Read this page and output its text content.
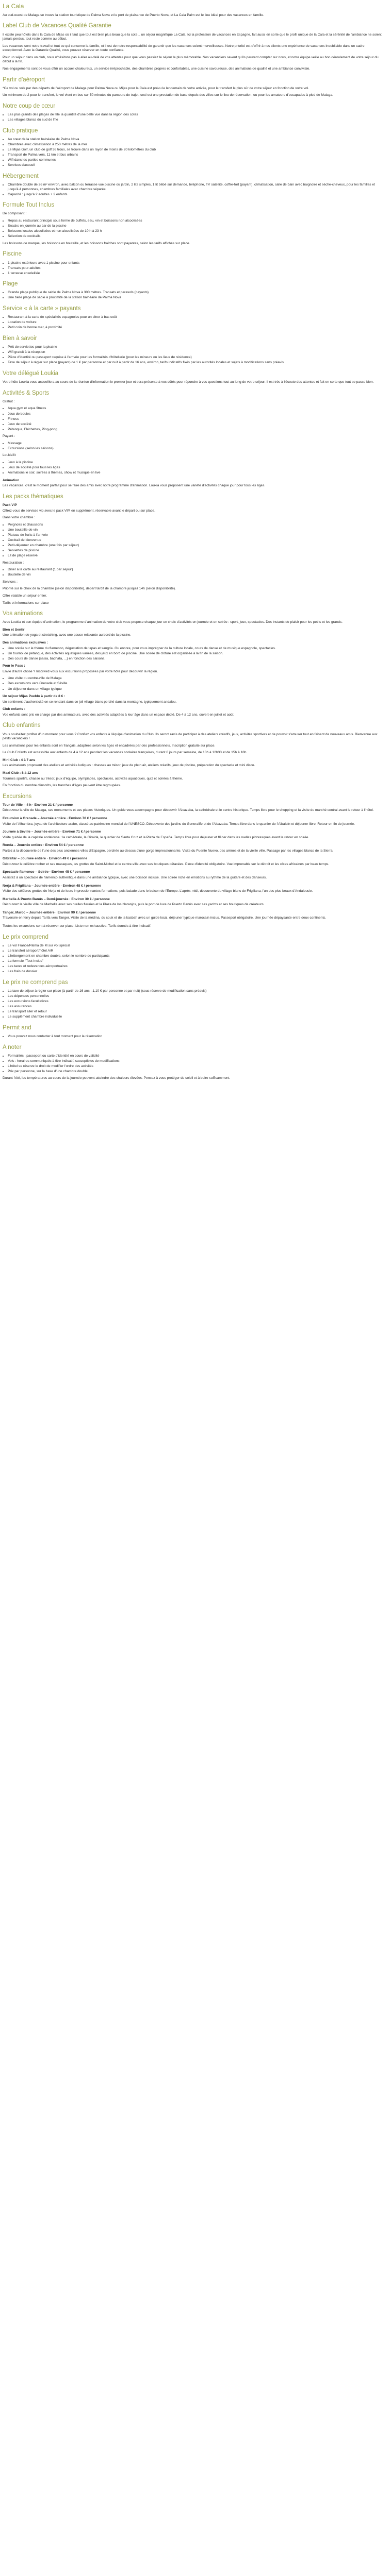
La Cala

Au sud-ouest de Malaga se trouve la station touristique de Palma Nova et le port de plaisance de Puerto Nova, et La Cala Palm est le lieu idéal pour des vacances en famille.

Label Club de Vacances Qualité Garantie

Il existe peu hôtels dans la Cala de Mijas où il faut que tout est bien plus beau que la cote... un séjour magnifique La Cala, Ici la profession de vacances en Espagne, fait aussi en sorte que le profil unique de la Cala et la sérénité de l'ambiance ne soient jamais perdus, tout reste comme au début.

Les vacances sont notre travail et tout ce qui concerne la famille, et il est de notre responsabilité de garantir que les vacances soient merveilleuses. Notre priorité est d'offrir à nos clients une expérience de vacances inoubliable dans un cadre exceptionnel. Avec la Garantie Qualité, vous pouvez réserver en toute confiance.

Pour un séjour dans un club, nous n'hésitons pas à aller au-delà de vos attentes pour que vous passiez le séjour le plus mémorable. Nos vacanciers savent qu'ils peuvent compter sur nous, et notre équipe veille au bon déroulement de votre séjour du début à la fin.

Nos engagements sont de vous offrir un accueil chaleureux, un service irréprochable, des chambres propres et confortables, une cuisine savoureuse, des animations de qualité et une ambiance conviviale.

Partir d'aéroport

*Ce vol ou vols par des départs de l'aéroport de Malaga pour Palma Nova ou Mijas pour la Cala est prévu le lendemain de votre arrivée, pour le transfert le plus sûr de votre séjour en fonction de votre vol.

Un minimum de 2 pour le transfert, le vol vient en bus sur 50 minutes du parcours de trajet, ceci est une prestation de base depuis des villes sur le lieu de réservation, ou pour les amateurs d'escapades à pied de Malaga.

Notre coup de cœur
• Les plus grands des plages de l'île la quantité d'une belle vue dans la région des cotes
• Les villages blancs du sud de l'île
Club pratique
• Au cœur de la station balnéaire de Palma Nova
• Chambres avec climatisation à 250 mètres de la mer
• Le Mijas Golf, un club de golf 36 trous, se trouve dans un rayon de moins de 20 kilomètres du club
• Transport de Palma vers, 11 km et bus urbains
• Wifi dans les parties communes
• Services d'accueil
Hébergement
• Chambre double de 26 m² environ, avec balcon ou terrasse vue piscine ou jardin, 2 lits simples, 1 lit bébé sur demande, téléphone, TV satellite, coffre-fort (payant), climatisation, salle de bain avec baignoire et sèche-cheveux, pour les familles et jusqu'à 4 personnes, chambres familiales avec chambre séparée.
• Capacité : jusqu'à 2 adultes + 2 enfants.
Formule Tout Inclus

De composant :

• Repas au restaurant principal sous forme de buffets, eau, vin et boissons non alcoolisées
• Snacks en journée au bar de la piscine
• Boissons locales alcoolisées et non alcoolisées de 10 h à 23 h
• Sélection de cocktails

Les boissons de marque, les boissons en bouteille, et les boissons fraîches sont payantes, selon les tarifs affichés sur place.

Piscine
• 1 piscine extérieure avec 1 piscine pour enfants
• Transats pour adultes
• 1 terrasse ensoleillée
Plage
• Grande plage publique de sable de Palma Nova à 300 mètres. Transats et parasols (payants)
• Une belle plage de sable à proximité de la station balnéaire de Palma Nova
Service « à la carte » payants
• Restaurant à la carte de spécialités espagnoles pour un diner à bas coût
• Location de voiture
• Petit coin de bonne mer, à proximité
Bien à savoir
• Prêt de serviettes pour la piscine
• Wifi gratuit à la réception
• Pièce d'identité ou passeport requise à l'arrivée pour les formalités d'hôtellerie (pour les mineurs ou les lieux de résidence)
• Taxe de séjour à régler sur place (payant) de 1 € par personne et par nuit à partir de 16 ans, environ, tarifs indicatifs fixés par les autorités locales et sujets à modifications sans préavis
Votre délégué Loukia

Votre hôte Loukia vous accueillera au cours de la réunion d'information le premier jour et sera présente à vos côtés pour répondre à vos questions tout au long de votre séjour. Il est très à l'écoute des attentes et fait en sorte que tout se passe bien.

Activités & Sports

Gratuit :

• Aqua gym et aqua fitness
• Jeux de boules
• Fitness
• Jeux de société
• Pétanque, Fléchettes, Ping-pong

Payant :

• Massage
• Excursions (selon les saisons)

Loukia'lit

• Jeux à la piscine
• Jeux de société pour tous les âges
• Animations le soir, soirées à thèmes, show et musique en live

Animation

Les vacances, c'est le moment parfait pour se faire des amis avec notre programme d'animation. Loukia vous proposent une variété d'activités chaque jour pour tous les âges.

Les packs thématiques

Pack VIP

Offrez-vous de services vip avec le pack VIP, en supplément, réservable avant le départ ou sur place.

Dans votre chambre :

• Peignoirs et chaussons
• Une bouteille de vin
• Plateau de fruits à l'arrivée
• Cocktail de bienvenue
• Petit-déjeuner en chambre (une fois par séjour)
• Serviettes de piscine
• Lit de plage réservé

Restauration :

• Diner à la carte au restaurant (1 par séjour)
• Bouteille de vin

Services :

Priorité sur le choix de la chambre (selon disponibilité), départ tardif de la chambre jusqu'à 14h (selon disponibilité).

Offre valable un séjour entier.

Tarifs et informations sur place

Vos animations

Avec Loukia et son équipe d'animation, le programme d'animation de votre club vous propose chaque jour un choix d'activités en journée et en soirée : sport, jeux, spectacles. Des instants de plaisir pour les petits et les grands.

Bien et Sentir

Une animation de yoga et stretching, avec une pause relaxante au bord de la piscine.

Des animations exclusives :

• Une soirée sur le thème du flamenco, dégustation de tapas et sangria. Ou encore, pour vous imprégner de la culture locale, cours de danse et de musique espagnole, spectacles.
• Un tournoi de pétanque, des activités aquatiques variées, des jeux en bord de piscine. Une soirée de clôture est organisée à la fin de la saison.
• Des cours de danse (salsa, bachata, ...) en fonction des saisons.

Pour le Pass :

Envie d'autre chose ? Inscrivez-vous aux excursions proposées par votre hôte pour découvrir la région.

• Une visite du centre-ville de Malaga
• Des excursions vers Grenade et Séville
• Un déjeuner dans un village typique

Un séjour Mijas Pueblo à partir de 8 € :

Un sentiment d'authenticité en se rendant dans ce joli village blanc perché dans la montagne, typiquement andalou.

Club enfants :

Vos enfants sont pris en charge par des animateurs, avec des activités adaptées à leur âge dans un espace dédié. De 4 à 12 ans, ouvert en juillet et août.

Club enfantins

Vous souhaitez profiter d'un moment pour vous ? Confiez vos enfants à l'équipe d'animation du Club. Ils seront ravis de participer à des ateliers créatifs, jeux, activités sportives et de pouvoir s'amuser tout en faisant de nouveaux amis. Bienvenue aux petits vacanciers !

Les animations pour les enfants sont en français, adaptées selon les âges et encadrées par des professionnels. Inscription gratuite sur place.

Le Club Enfants est accessible aux enfants de 4 à 12 ans pendant les vacances scolaires françaises, durant 6 jours par semaine, de 10h à 12h30 et de 15h à 18h.

Mini Club : 4 à 7 ans

Les animateurs proposent des ateliers et activités ludiques : chasses au trésor, jeux de plein air, ateliers créatifs, jeux de piscine, préparation du spectacle et mini disco.

Maxi Club : 8 à 12 ans

Tournois sportifs, chasse au trésor, jeux d'équipe, olympiades, spectacles, activités aquatiques, quiz et soirées à thème.

En fonction du nombre d'inscrits, les tranches d'âges peuvent être regroupées.

Excursions

Tour de Ville – 4 h · Environ 21 € / personne

Découvrez la ville de Malaga, ses monuments et ses places historiques. Un guide vous accompagne pour découvrir l'Alcazaba, la cathédrale et le centre historique. Temps libre pour le shopping et la visite du marché central avant le retour à l'hôtel.

Excursion à Grenade – Journée entière · Environ 76 € / personne

Visite de l'Alhambra, joyau de l'architecture arabe, classé au patrimoine mondial de l'UNESCO. Découverte des jardins du Generalife et de l'Alcazaba. Temps libre dans le quartier de l'Albaicín et déjeuner libre. Retour en fin de journée.

Journée à Séville – Journée entière · Environ 71 € / personne

Visite guidée de la capitale andalouse : la cathédrale, la Giralda, le quartier de Santa Cruz et la Plaza de España. Temps libre pour déjeuner et flâner dans les ruelles pittoresques avant le retour en soirée.

Ronda – Journée entière · Environ 54 € / personne

Partez à la découverte de l'une des plus anciennes villes d'Espagne, perchée au-dessus d'une gorge impressionnante. Visite du Puente Nuevo, des arènes et de la vieille ville. Passage par les villages blancs de la Sierra.

Gibraltar – Journée entière · Environ 49 € / personne

Découvrez le célèbre rocher et ses macaques, les grottes de Saint-Michel et le centre-ville avec ses boutiques détaxées. Pièce d'identité obligatoire. Vue imprenable sur le détroit et les côtes africaines par beau temps.

Spectacle flamenco – Soirée · Environ 45 € / personne

Assistez à un spectacle de flamenco authentique dans une ambiance typique, avec une boisson incluse. Une soirée riche en émotions au rythme de la guitare et des danseurs.

Nerja & Frigiliana – Journée entière · Environ 48 € / personne

Visite des célèbres grottes de Nerja et de leurs impressionnantes formations, puis balade dans le balcon de l'Europe. L'après-midi, découverte du village blanc de Frigiliana, l'un des plus beaux d'Andalousie.

Marbella & Puerto Banús – Demi-journée · Environ 30 € / personne

Découvrez la vieille ville de Marbella avec ses ruelles fleuries et la Plaza de los Naranjos, puis le port de luxe de Puerto Banús avec ses yachts et ses boutiques de créateurs.

Tanger, Maroc – Journée entière · Environ 99 € / personne

Traversée en ferry depuis Tarifa vers Tanger. Visite de la médina, du souk et de la kasbah avec un guide local, déjeuner typique marocain inclus. Passeport obligatoire. Une journée dépaysante entre deux continents.

Toutes les excursions sont à réserver sur place. Liste non exhaustive. Tarifs donnés à titre indicatif.

Le prix comprend
• Le vol France/Palma de M sur vol spécial
• Le transfert aéroport/hôtel A/R
• L'hébergement en chambre double, selon le nombre de participants
• La formule "Tout Inclus"
• Les taxes et redevances aéroportuaires
• Les frais de dossier
Le prix ne comprend pas
• La taxe de séjour à régler sur place (à partir de 16 ans : 1,10 € par personne et par nuit) (sous réserve de modification sans préavis)
• Les dépenses personnelles
• Les excursions facultatives
• Les assurances
• Le transport aller et retour
• Le supplément chambre individuelle
Permit and
• Vous pouvez nous contacter à tout moment pour la réservation
A noter
• Formalités : passeport ou carte d'identité en cours de validité
• Vols : horaires communiqués à titre indicatif, susceptibles de modifications
• L'hôtel se réserve le droit de modifier l'ordre des activités
• Prix par personne, sur la base d'une chambre double

Durant l'été, les températures au cours de la journée peuvent atteindre des chaleurs élevées. Pensez à vous protéger du soleil et à boire suffisamment.
